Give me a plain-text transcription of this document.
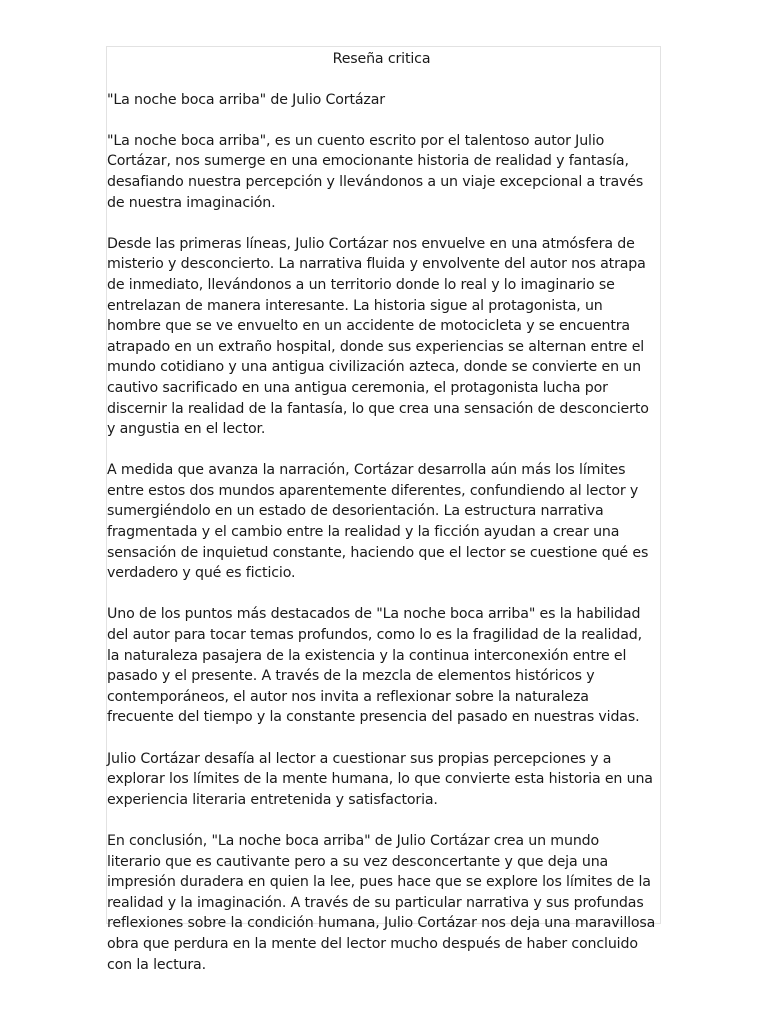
Reseña critica
"La noche boca arriba" de Julio Cortázar

"La noche boca arriba", es un cuento escrito por el talentoso autor Julio Cortázar, nos sumerge en una emocionante historia de realidad y fantasía, desafiando nuestra percepción y llevándonos a un viaje excepcional a través de nuestra imaginación.

Desde las primeras líneas, Julio Cortázar nos envuelve en una atmósfera de misterio y desconcierto. La narrativa fluida y envolvente del autor nos atrapa de inmediato, llevándonos a un territorio donde lo real y lo imaginario se entrelazan de manera interesante. La historia sigue al protagonista, un hombre que se ve envuelto en un accidente de motocicleta y se encuentra atrapado en un extraño hospital, donde sus experiencias se alternan entre el mundo cotidiano y una antigua civilización azteca, donde se convierte en un cautivo sacrificado en una antigua ceremonia, el protagonista lucha por discernir la realidad de la fantasía, lo que crea una sensación de desconcierto y angustia en el lector.

A medida que avanza la narración, Cortázar desarrolla aún más los límites entre estos dos mundos aparentemente diferentes, confundiendo al lector y sumergiéndolo en un estado de desorientación. La estructura narrativa fragmentada y el cambio entre la realidad y la ficción ayudan a crear una sensación de inquietud constante, haciendo que el lector se cuestione qué es verdadero y qué es ficticio.

Uno de los puntos más destacados de "La noche boca arriba" es la habilidad del autor para tocar temas profundos, como lo es la fragilidad de la realidad, la naturaleza pasajera de la existencia y la continua interconexión entre el pasado y el presente. A través de la mezcla de elementos históricos y contemporáneos, el autor nos invita a reflexionar sobre la naturaleza frecuente del tiempo y la constante presencia del pasado en nuestras vidas.

Julio Cortázar desafía al lector a cuestionar sus propias percepciones y a explorar los límites de la mente humana, lo que convierte esta historia en una experiencia literaria entretenida y satisfactoria.

En conclusión, "La noche boca arriba" de Julio Cortázar crea un mundo literario que es cautivante pero a su vez desconcertante y que deja una impresión duradera en quien la lee, pues hace que se explore los límites de la realidad y la imaginación. A través de su particular narrativa y sus profundas reflexiones sobre la condición humana, Julio Cortázar nos deja una maravillosa obra que perdura en la mente del lector mucho después de haber concluido con la lectura.
